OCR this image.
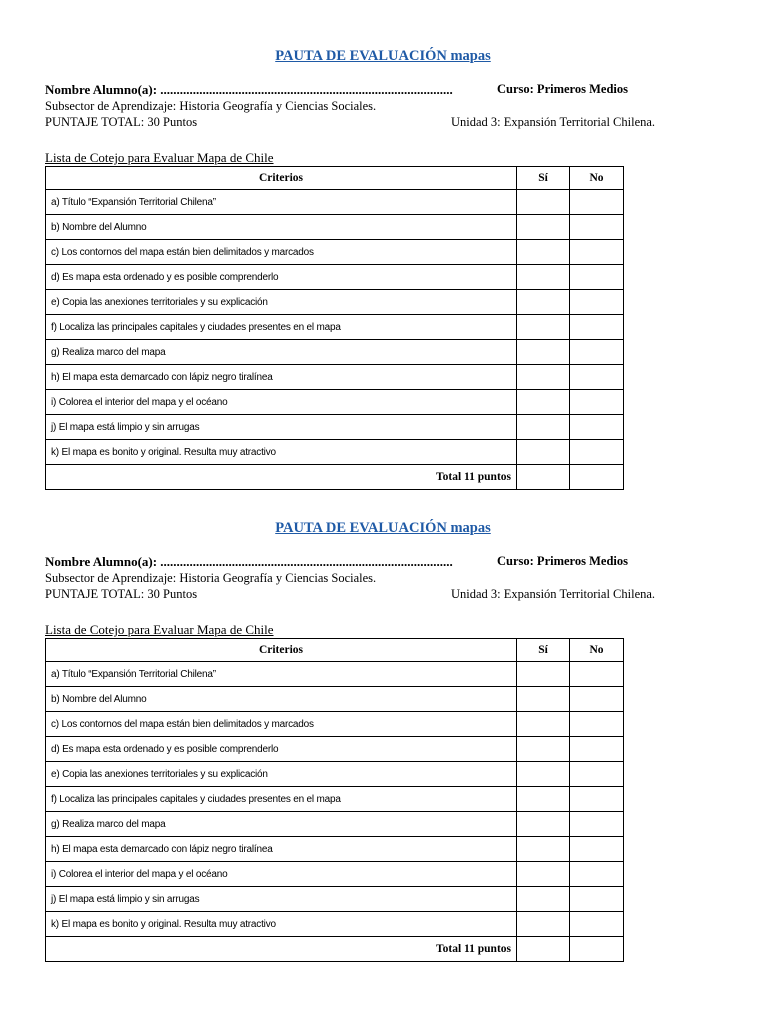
PAUTA DE EVALUACIÓN mapas
Nombre Alumno(a): ..........................................................................................	Curso: Primeros Medios
Subsector de Aprendizaje: Historia Geografía y Ciencias Sociales.
PUNTAJE TOTAL: 30 Puntos	Unidad 3: Expansión Territorial Chilena.
Lista de Cotejo para Evaluar Mapa de Chile
Criterios	Sí	No
a) Título “Expansión Territorial Chilena”		
b) Nombre del Alumno		
c) Los contornos del mapa están bien delimitados y marcados		
d) Es mapa esta ordenado y es posible comprenderlo		
e) Copia las anexiones territoriales y su explicación		
f) Localiza las principales capitales y ciudades presentes en el mapa		
g) Realiza marco del mapa		
h) El mapa esta demarcado con lápiz negro tiralínea		
i) Colorea el interior del mapa y el océano		
j) El mapa está limpio y sin arrugas		
k) El mapa es bonito y original. Resulta muy atractivo		
Total 11 puntos		
PAUTA DE EVALUACIÓN mapas
Nombre Alumno(a): ..........................................................................................	Curso: Primeros Medios
Subsector de Aprendizaje: Historia Geografía y Ciencias Sociales.
PUNTAJE TOTAL: 30 Puntos	Unidad 3: Expansión Territorial Chilena.
Lista de Cotejo para Evaluar Mapa de Chile
Criterios	Sí	No
a) Título “Expansión Territorial Chilena”		
b) Nombre del Alumno		
c) Los contornos del mapa están bien delimitados y marcados		
d) Es mapa esta ordenado y es posible comprenderlo		
e) Copia las anexiones territoriales y su explicación		
f) Localiza las principales capitales y ciudades presentes en el mapa		
g) Realiza marco del mapa		
h) El mapa esta demarcado con lápiz negro tiralínea		
i) Colorea el interior del mapa y el océano		
j) El mapa está limpio y sin arrugas		
k) El mapa es bonito y original. Resulta muy atractivo		
Total 11 puntos		
